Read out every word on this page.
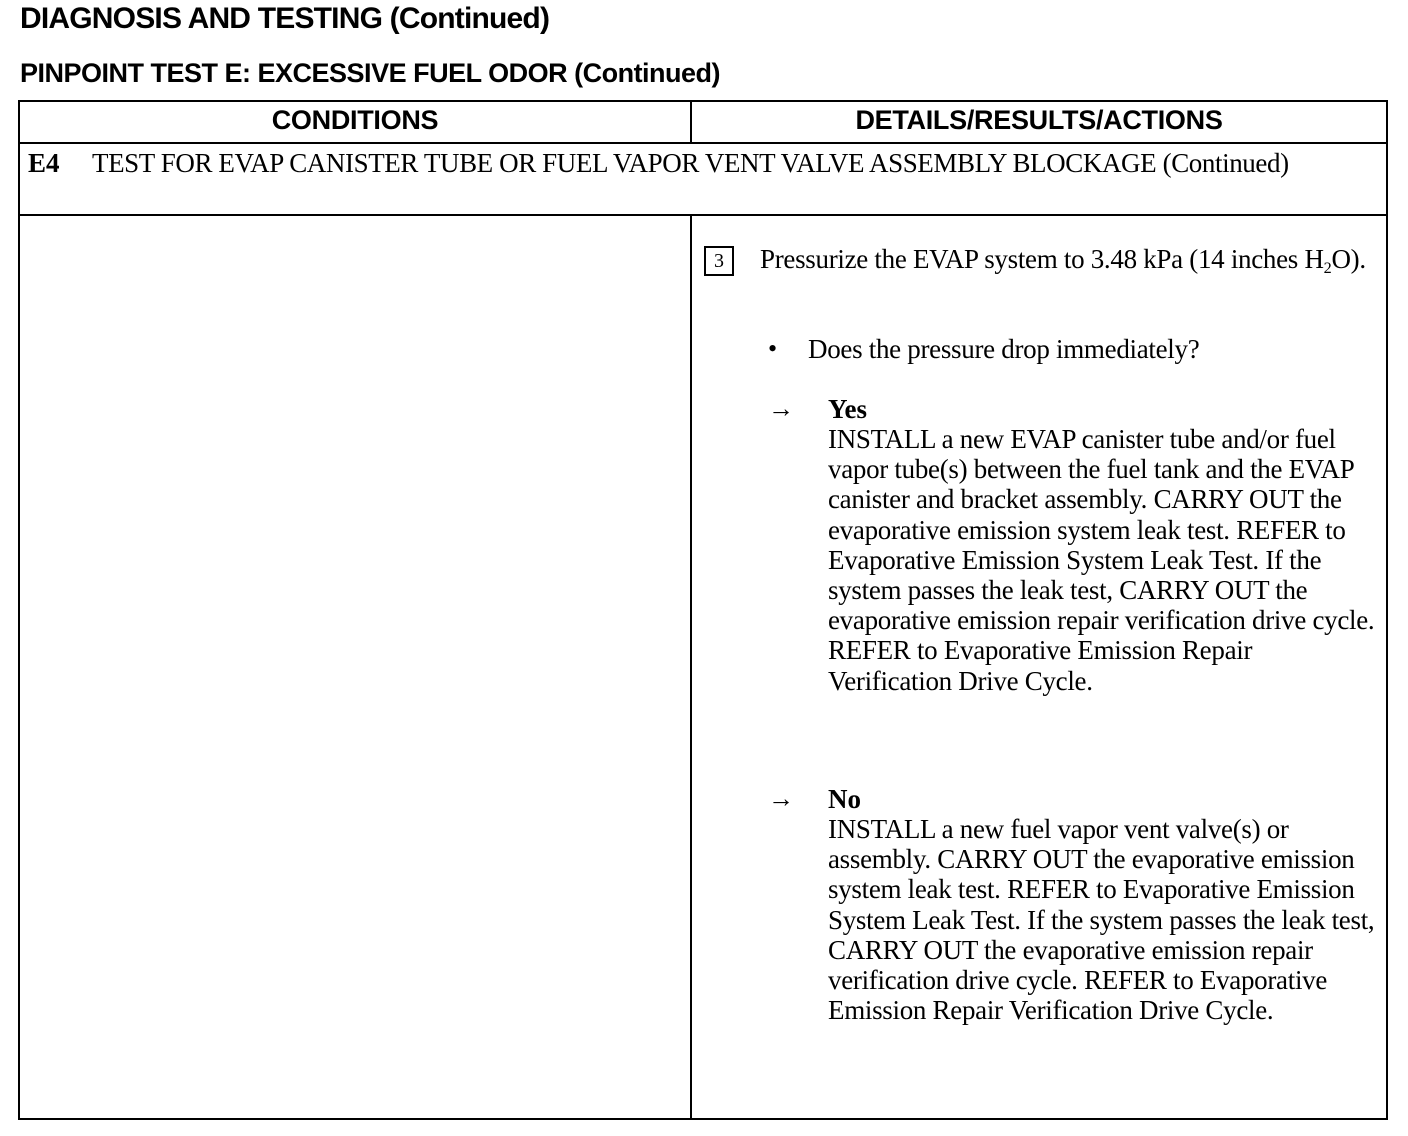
DIAGNOSIS AND TESTING (Continued)
PINPOINT TEST E: EXCESSIVE FUEL ODOR (Continued)
CONDITIONS	DETAILS/RESULTS/ACTIONS
E4 TEST FOR EVAP CANISTER TUBE OR FUEL VAPOR VENT VALVE ASSEMBLY BLOCKAGE (Continued)
3	Pressurize the EVAP system to 3.48 kPa (14 inches $H_2O$).
• Does the pressure drop immediately?
→ Yes
INSTALL a new EVAP canister tube and/or fuel vapor tube(s) between the fuel tank and the EVAP canister and bracket assembly. CARRY OUT the evaporative emission system leak test. REFER to Evaporative Emission System Leak Test. If the system passes the leak test, CARRY OUT the evaporative emission repair verification drive cycle. REFER to Evaporative Emission Repair Verification Drive Cycle.
→ No
INSTALL a new fuel vapor vent valve(s) or assembly. CARRY OUT the evaporative emission system leak test. REFER to Evaporative Emission System Leak Test. If the system passes the leak test, CARRY OUT the evaporative emission repair verification drive cycle. REFER to Evaporative Emission Repair Verification Drive Cycle.
